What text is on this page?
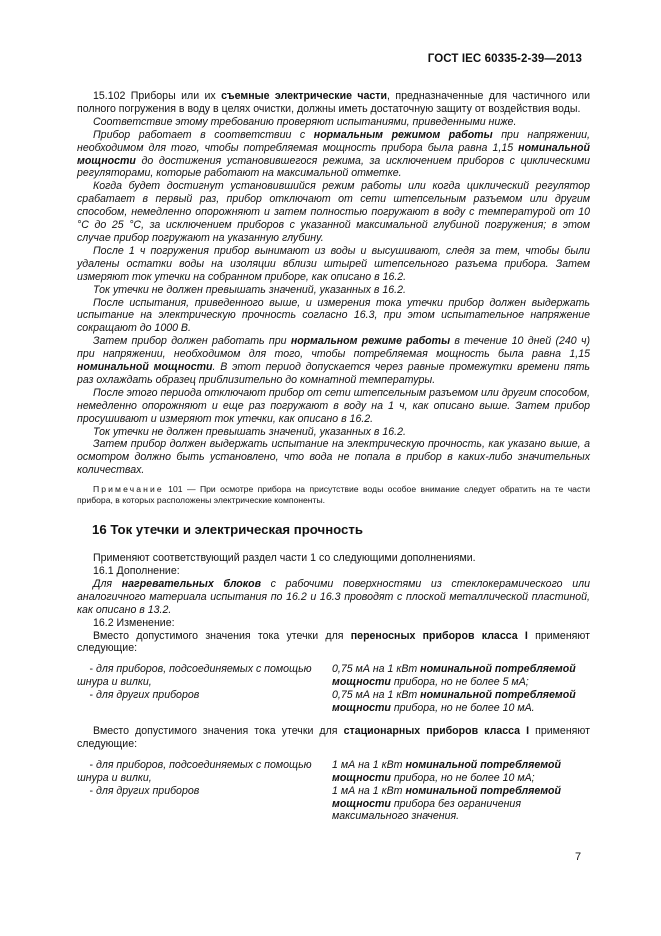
ГОСТ IEC 60335-2-39—2013

15.102 Приборы или их съемные электрические части, предназначенные для частичного или полного погружения в воду в целях очистки, должны иметь достаточную защиту от воздействия воды.

Соответствие этому требованию проверяют испытаниями, приведенными ниже.

Прибор работает в соответствии с нормальным режимом работы при напряжении, необходимом для того, чтобы потребляемая мощность прибора была равна 1,15 номинальной мощности до достижения установившегося режима, за исключением приборов с циклическими регуляторами, которые работают на максимальной отметке.

Когда будет достигнут установившийся режим работы или когда циклический регулятор срабатает в первый раз, прибор отключают от сети штепсельным разъемом или другим способом, немедленно опорожняют и затем полностью погружают в воду с температурой от 10 °С до 25 °С, за исключением приборов с указанной максимальной глубиной погружения; в этом случае прибор погружают на указанную глубину.

После 1 ч погружения прибор вынимают из воды и высушивают, следя за тем, чтобы были удалены остатки воды на изоляции вблизи штырей штепсельного разъема прибора. Затем измеряют ток утечки на собранном приборе, как описано в 16.2.

Ток утечки не должен превышать значений, указанных в 16.2.

После испытания, приведенного выше, и измерения тока утечки прибор должен выдержать испытание на электрическую прочность согласно 16.3, при этом испытательное напряжение сокращают до 1000 В.

Затем прибор должен работать при нормальном режиме работы в течение 10 дней (240 ч) при напряжении, необходимом для того, чтобы потребляемая мощность была равна 1,15 номинальной мощности. В этот период допускается через равные промежутки времени пять раз охлаждать образец приблизительно до комнатной температуры.

После этого периода отключают прибор от сети штепсельным разъемом или другим способом, немедленно опорожняют и еще раз погружают в воду на 1 ч, как описано выше. Затем прибор просушивают и измеряют ток утечки, как описано в 16.2.

Ток утечки не должен превышать значений, указанных в 16.2.

Затем прибор должен выдержать испытание на электрическую прочность, как указано выше, а осмотром должно быть установлено, что вода не попала в прибор в каких-либо значительных количествах.

Примечание 101 — При осмотре прибора на присутствие воды особое внимание следует обратить на те части прибора, в которых расположены электрические компоненты.

16 Ток утечки и электрическая прочность

Применяют соответствующий раздел части 1 со следующими дополнениями.

16.1 Дополнение:

Для нагревательных блоков с рабочими поверхностями из стеклокерамического или аналогичного материала испытания по 16.2 и 16.3 проводят с плоской металлической пластиной, как описано в 13.2.

16.2 Изменение:

Вместо допустимого значения тока утечки для переносных приборов класса I применяют следующие:

- для приборов, подсоединяемых с помощью шнура и вилки,	0,75 мА на 1 кВт номинальной потребляемой мощности прибора, но не более 5 мА;
- для других приборов	0,75 мА на 1 кВт номинальной потребляемой мощности прибора, но не более 10 мА.

Вместо допустимого значения тока утечки для стационарных приборов класса I применяют следующие:

- для приборов, подсоединяемых с помощью шнура и вилки,	1 мА на 1 кВт номинальной потребляемой мощности прибора, но не более 10 мА;
- для других приборов	1 мА на 1 кВт номинальной потребляемой мощности прибора без ограничения максимального значения.
7
